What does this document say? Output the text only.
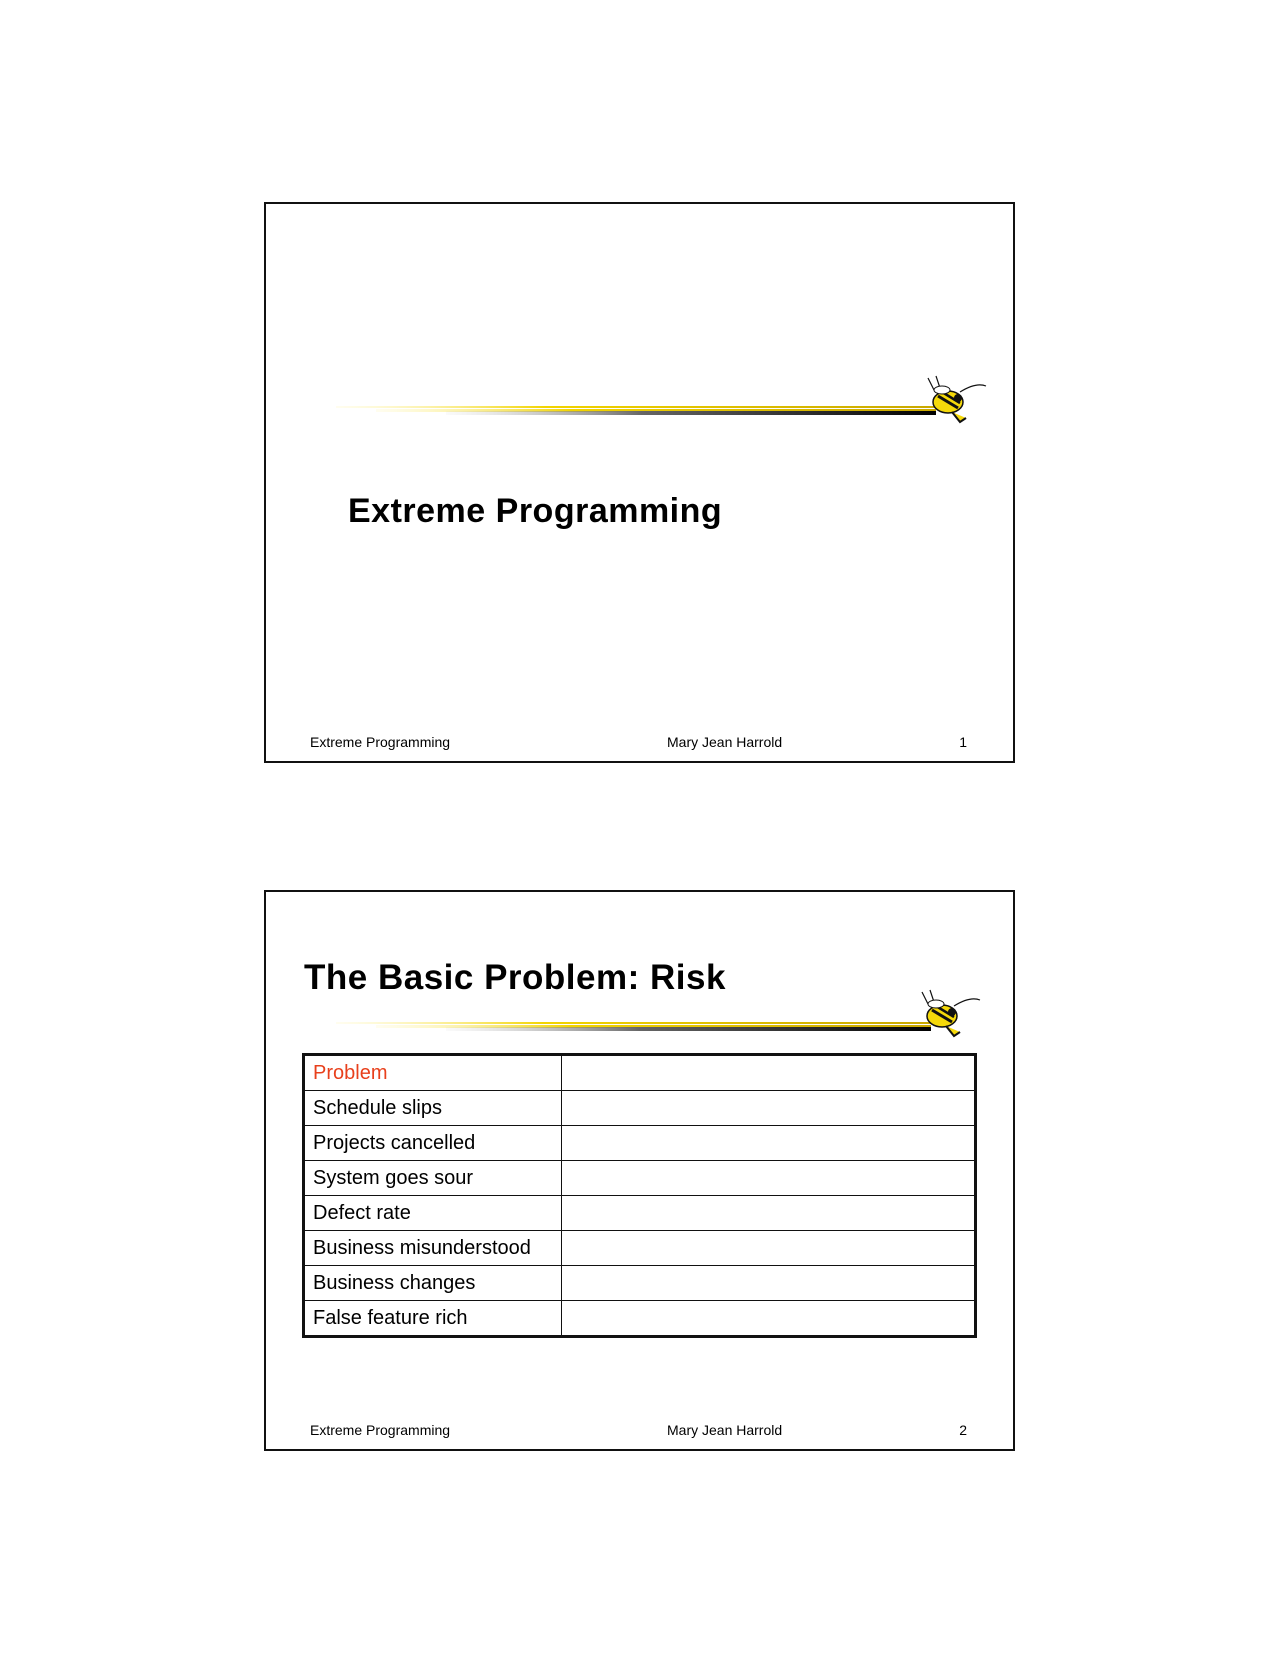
Extreme Programming
Extreme Programming	Mary Jean Harrold	1
The Basic Problem: Risk
Problem	
Schedule slips	
Projects cancelled	
System goes sour	
Defect rate	
Business misunderstood	
Business changes	
False feature rich	
Extreme Programming	Mary Jean Harrold	2
